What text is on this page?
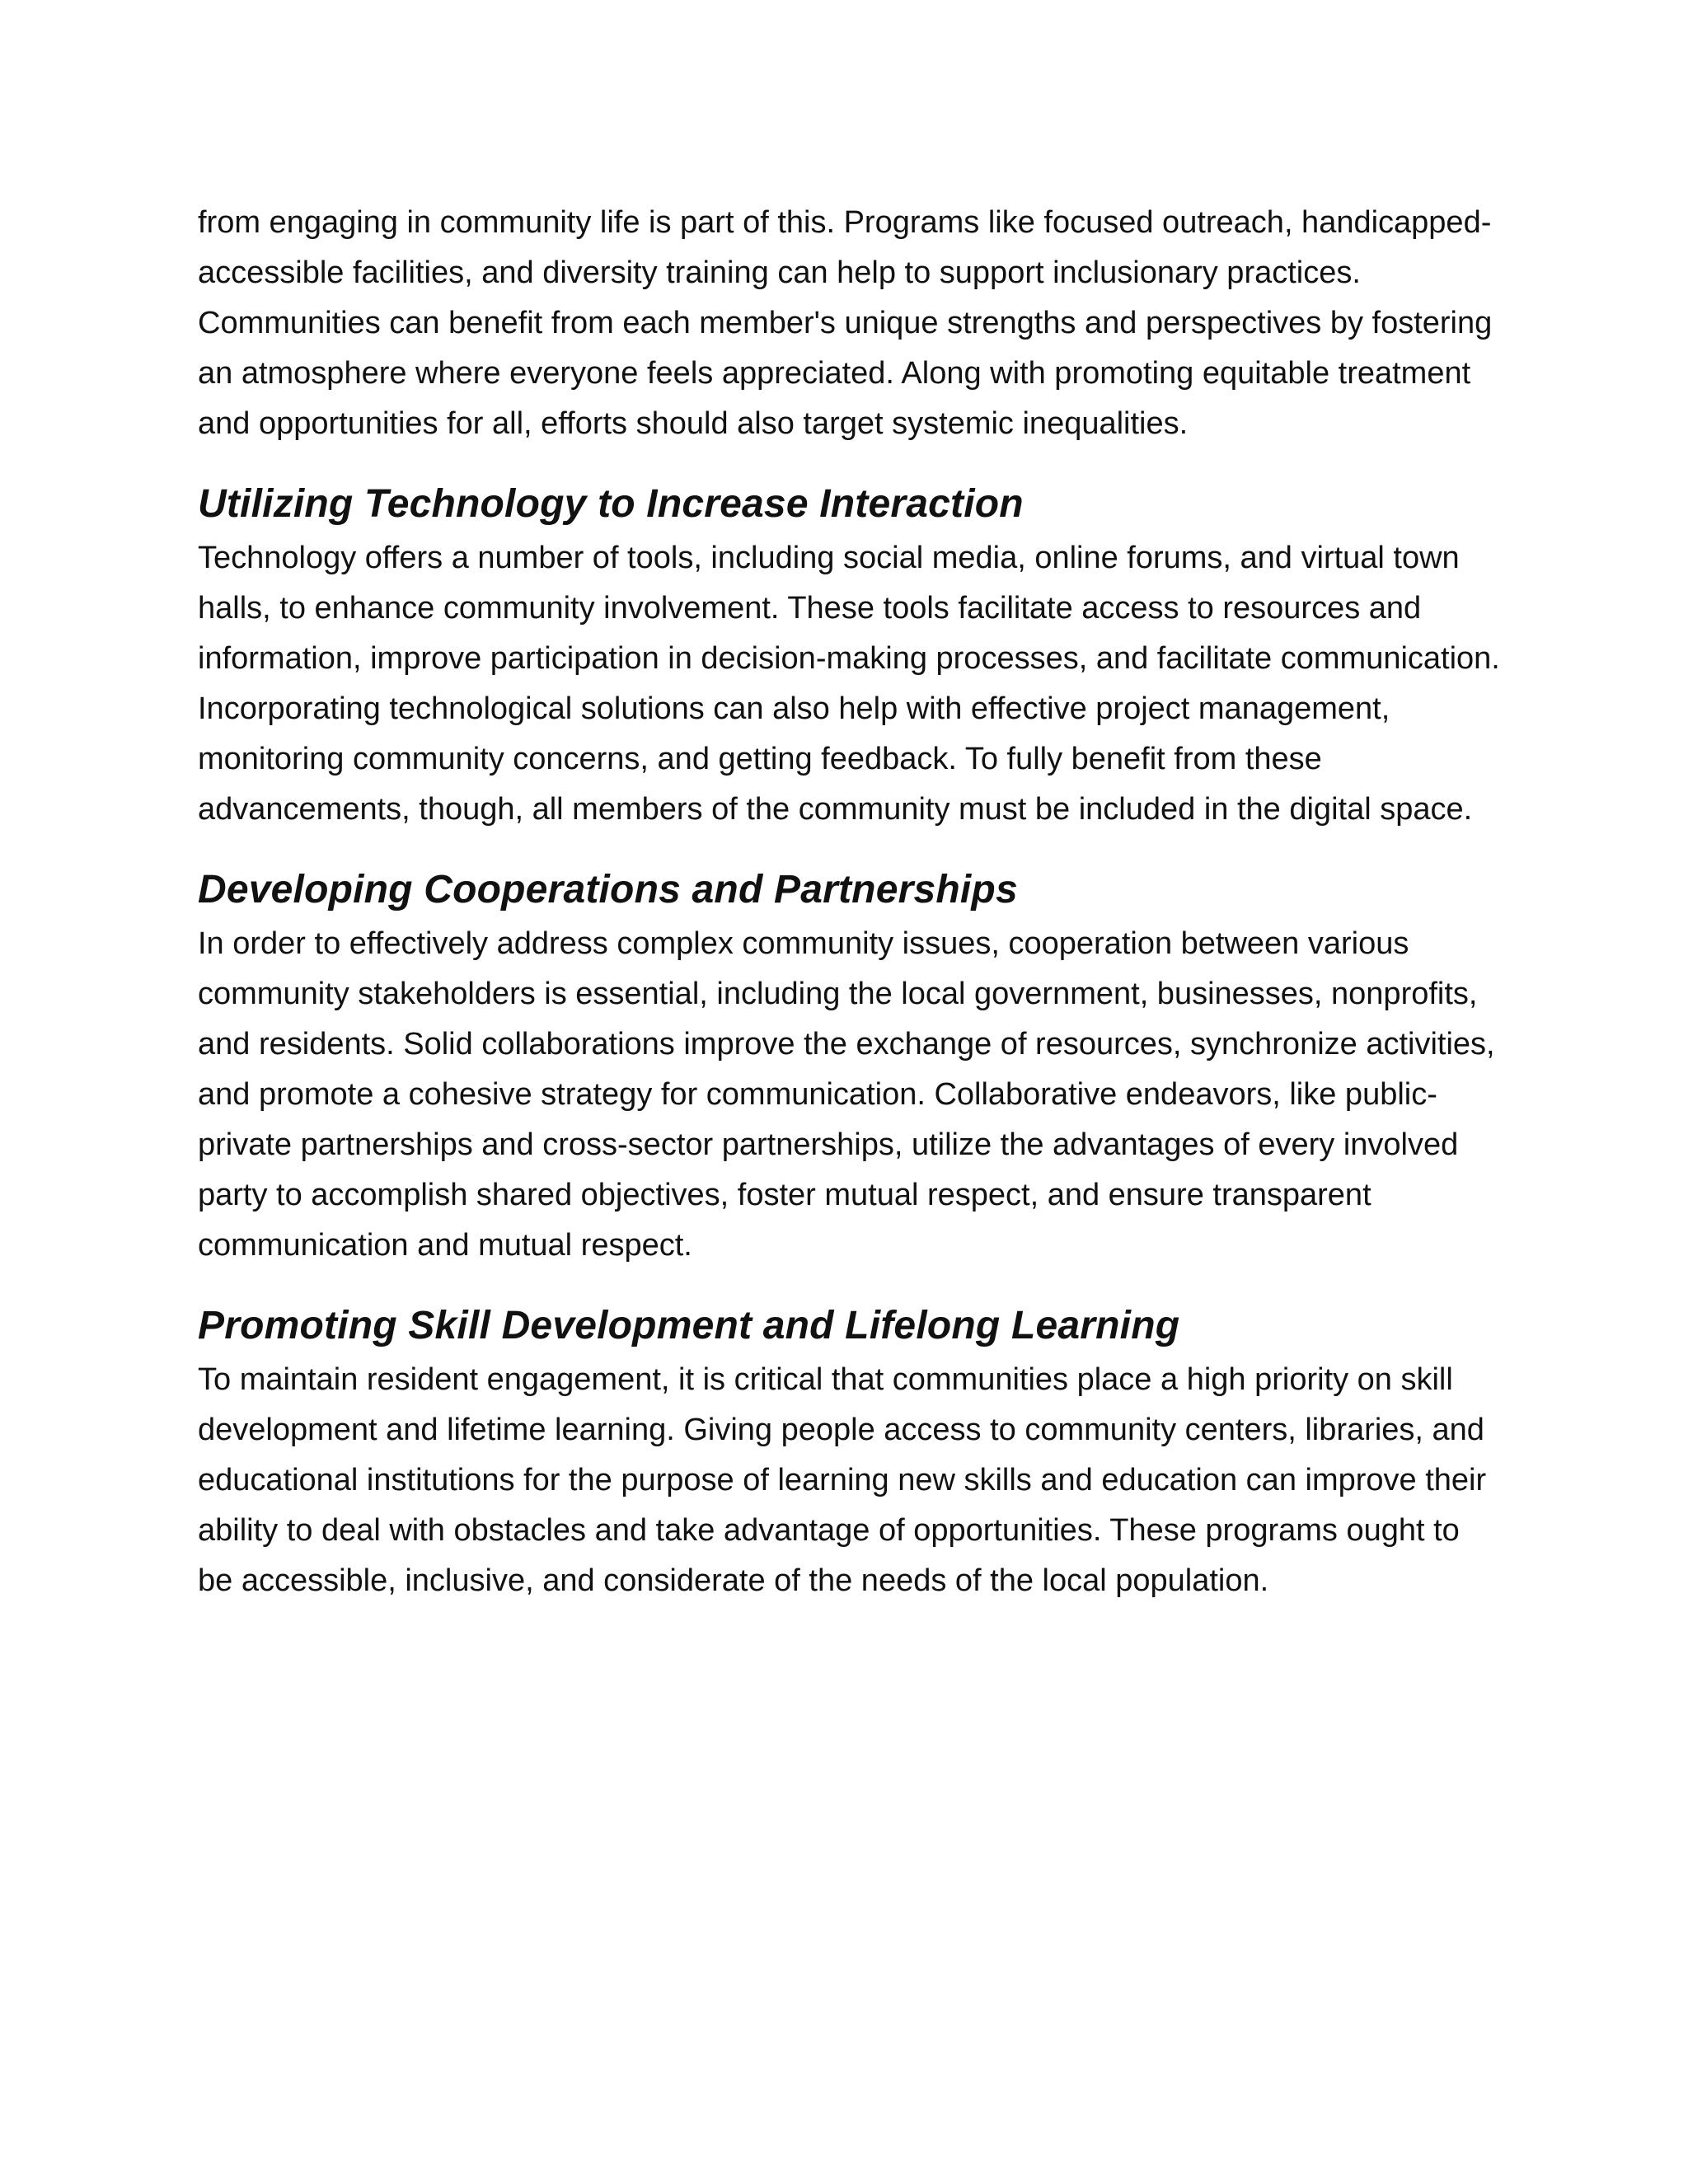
from engaging in community life is part of this. Programs like focused outreach, handicapped-accessible facilities, and diversity training can help to support inclusionary practices. Communities can benefit from each member's unique strengths and perspectives by fostering an atmosphere where everyone feels appreciated. Along with promoting equitable treatment and opportunities for all, efforts should also target systemic inequalities.

Utilizing Technology to Increase Interaction

Technology offers a number of tools, including social media, online forums, and virtual town halls, to enhance community involvement. These tools facilitate access to resources and information, improve participation in decision-making processes, and facilitate communication. Incorporating technological solutions can also help with effective project management, monitoring community concerns, and getting feedback. To fully benefit from these advancements, though, all members of the community must be included in the digital space.

Developing Cooperations and Partnerships

In order to effectively address complex community issues, cooperation between various community stakeholders is essential, including the local government, businesses, nonprofits, and residents. Solid collaborations improve the exchange of resources, synchronize activities, and promote a cohesive strategy for communication. Collaborative endeavors, like public-private partnerships and cross-sector partnerships, utilize the advantages of every involved party to accomplish shared objectives, foster mutual respect, and ensure transparent communication and mutual respect.

Promoting Skill Development and Lifelong Learning

To maintain resident engagement, it is critical that communities place a high priority on skill development and lifetime learning. Giving people access to community centers, libraries, and educational institutions for the purpose of learning new skills and education can improve their ability to deal with obstacles and take advantage of opportunities. These programs ought to be accessible, inclusive, and considerate of the needs of the local population.
